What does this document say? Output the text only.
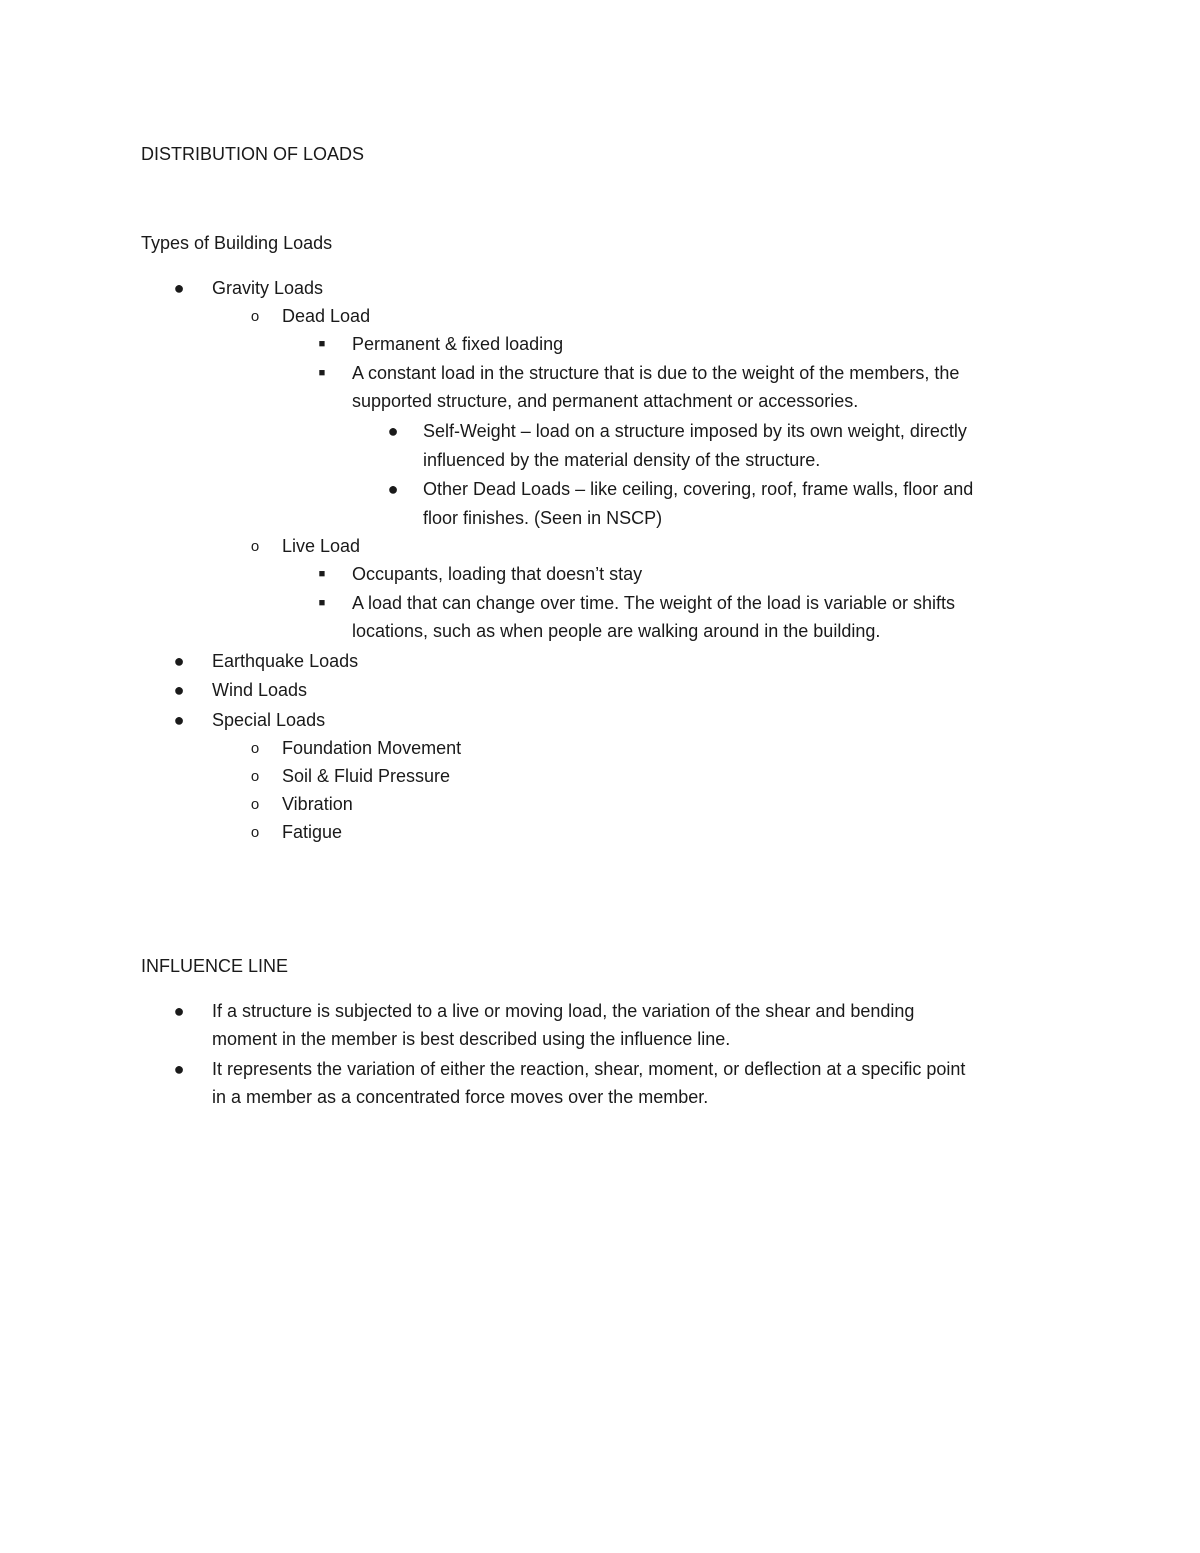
DISTRIBUTION OF LOADS
Types of Building Loads
● Gravity Loads
o	Dead Load
■	Permanent & fixed loading
■	A constant load in the structure that is due to the weight of the members, the
supported structure, and permanent attachment or accessories.
● Self-Weight – load on a structure imposed by its own weight, directly
influenced by the material density of the structure.
● Other Dead Loads – like ceiling, covering, roof, frame walls, floor and
floor finishes. (Seen in NSCP)
o	Live Load
■	Occupants, loading that doesn’t stay
■	A load that can change over time. The weight of the load is variable or shifts
locations, such as when people are walking around in the building.
● Earthquake Loads
● Wind Loads
● Special Loads
o	Foundation Movement
o	Soil & Fluid Pressure
o	Vibration
o	Fatigue
INFLUENCE LINE
● If a structure is subjected to a live or moving load, the variation of the shear and bending
moment in the member is best described using the influence line.
● It represents the variation of either the reaction, shear, moment, or deflection at a specific point
in a member as a concentrated force moves over the member.
